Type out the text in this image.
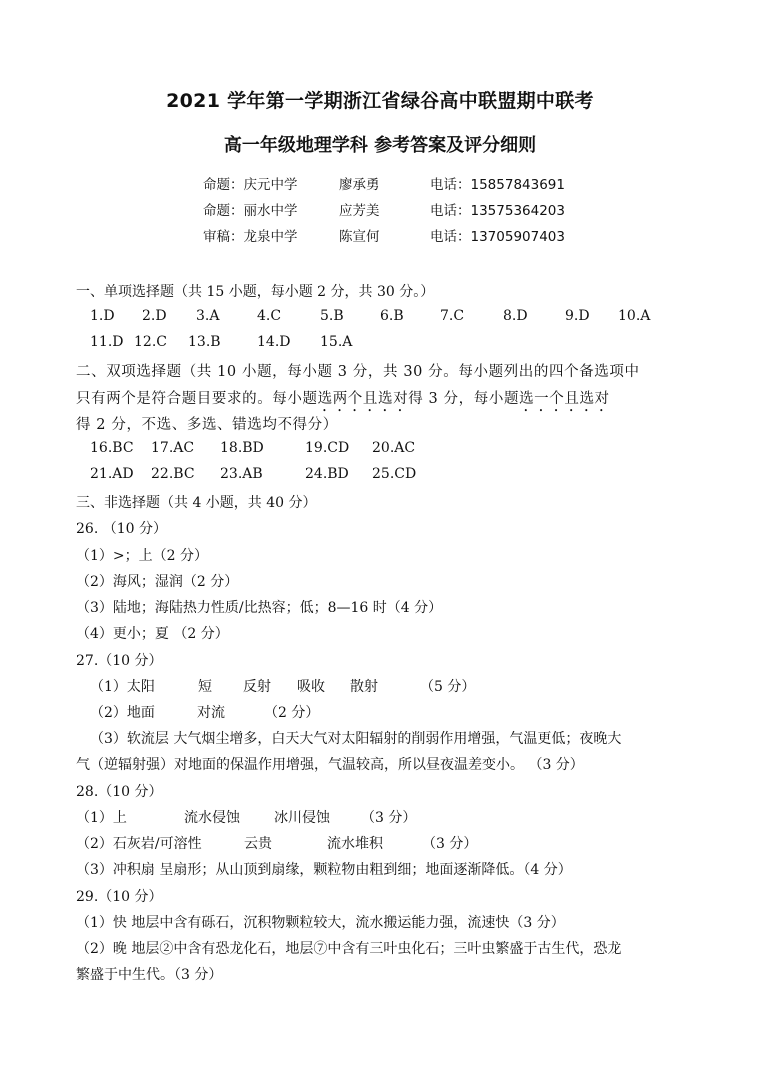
2021 学年第一学期浙江省绿谷高中联盟期中联考
高一年级地理学科 参考答案及评分细则
命题：庆元中学	廖承勇	电话：15857843691
命题：丽水中学	应芳美	电话：13575364203
审稿：龙泉中学	陈宣何	电话：13705907403
一、单项选择题（共 15 小题，每小题 2 分，共 30 分。）
1.D 2.D 3.A	4.C	5.B	6.B	7.C	8.D	9.D 10.A
11.D 12.C 13.B	14.D 15.A
二、双项选择题（共 10 小题，每小题 3 分，共 30 分。每小题列出的四个备选项中
只有两个是符合题目要求的。每小题选两个且选对得 3 分，每小题选一个且选对
得 2 分，不选、多选、错选均不得分）
16.BC 17.AC 18.BD	19.CD 20.AC
21.AD 22.BC 23.AB	24.BD 25.CD
三、非选择题（共 4 小题，共 40 分）
26. （10 分）
（1）>；上（2 分）
（2）海风；湿润（2 分）
（3）陆地；海陆热力性质/比热容；低；8—16 时（4 分）
（4）更小；夏 （2 分）
27.（10 分）
（1）太阳	短 反射 吸收 散射	（5 分）
（2）地面	对流	（2 分）
（3）软流层 大气烟尘增多，白天大气对太阳辐射的削弱作用增强，气温更低；夜晚大
气（逆辐射强）对地面的保温作用增强，气温较高，所以昼夜温差变小。 （3 分）
28.（10 分）
（1）上	流水侵蚀 冰川侵蚀 （3 分）
（2）石灰岩/可溶性	云贵	流水堆积	（3 分）
（3）冲积扇 呈扇形；从山顶到扇缘，颗粒物由粗到细；地面逐渐降低。（4 分）
29.（10 分）
（1）快 地层中含有砾石，沉积物颗粒较大，流水搬运能力强，流速快（3 分）
（2）晚 地层②中含有恐龙化石，地层⑦中含有三叶虫化石；三叶虫繁盛于古生代，恐龙
繁盛于中生代。（3 分）
